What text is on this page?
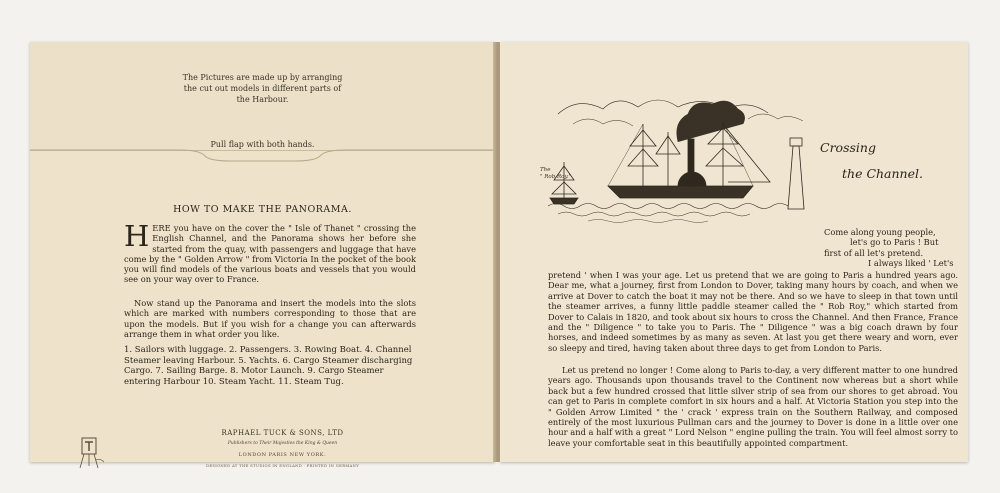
The Pictures are made up by arranging the cut out models in different parts of the Harbour.
Pull flap with both hands.
HOW TO MAKE THE PANORAMA.
H ERE you have on the cover the " Isle of Thanet " crossing the English Channel, and the Panorama shows her before she started from the quay, with passengers and luggage that have come by the " Golden Arrow " from Victoria In the pocket of the book you will find models of the various boats and vessels that you would see on your way over to France.
Now stand up the Panorama and insert the models into the slots which are marked with numbers corresponding to those that are upon the models. But if you wish for a change you can afterwards arrange them in what order you like.
1. Sailors with luggage. 2. Passengers. 3. Rowing Boat. 4. Channel Steamer leaving Harbour. 5. Yachts. 6. Cargo Steamer discharging Cargo. 7. Sailing Barge. 8. Motor Launch. 9. Cargo Steamer entering Harbour 10. Steam Yacht. 11. Steam Tug.
RAPHAEL TUCK & SONS, LTD
Publishers to Their Majesties the King & Queen
LONDON PARIS NEW YORK.
DESIGNED AT THE STUDIOS IN ENGLAND · PRINTED IN GERMANY
The
" Rob Roy."
Crossing
the Channel.
Come along young people,
let's go to Paris ! But
first of all let's pretend.
I always liked ' Let's
pretend ' when I was your age. Let us pretend that we are going to Paris a hundred years ago. Dear me, what a journey, first from London to Dover, taking many hours by coach, and when we arrive at Dover to catch the boat it may not be there. And so we have to sleep in that town until the steamer arrives, a funny little paddle steamer called the " Rob Roy," which started from Dover to Calais in 1820, and took about six hours to cross the Channel. And then France, France and the " Diligence " to take you to Paris. The " Diligence " was a big coach drawn by four horses, and indeed sometimes by as many as seven. At last you get there weary and worn, ever so sleepy and tired, having taken about three days to get from London to Paris.
Let us pretend no longer ! Come along to Paris to-day, a very different matter to one hundred years ago. Thousands upon thousands travel to the Continent now whereas but a short while back but a few hundred crossed that little silver strip of sea from our shores to get abroad. You can get to Paris in complete comfort in six hours and a half. At Victoria Station you step into the " Golden Arrow Limited " the ' crack ' express train on the Southern Railway, and composed entirely of the most luxurious Pullman cars and the journey to Dover is done in a little over one hour and a half with a great " Lord Nelson " engine pulling the train. You will feel almost sorry to leave your comfortable seat in this beautifully appointed compartment.
